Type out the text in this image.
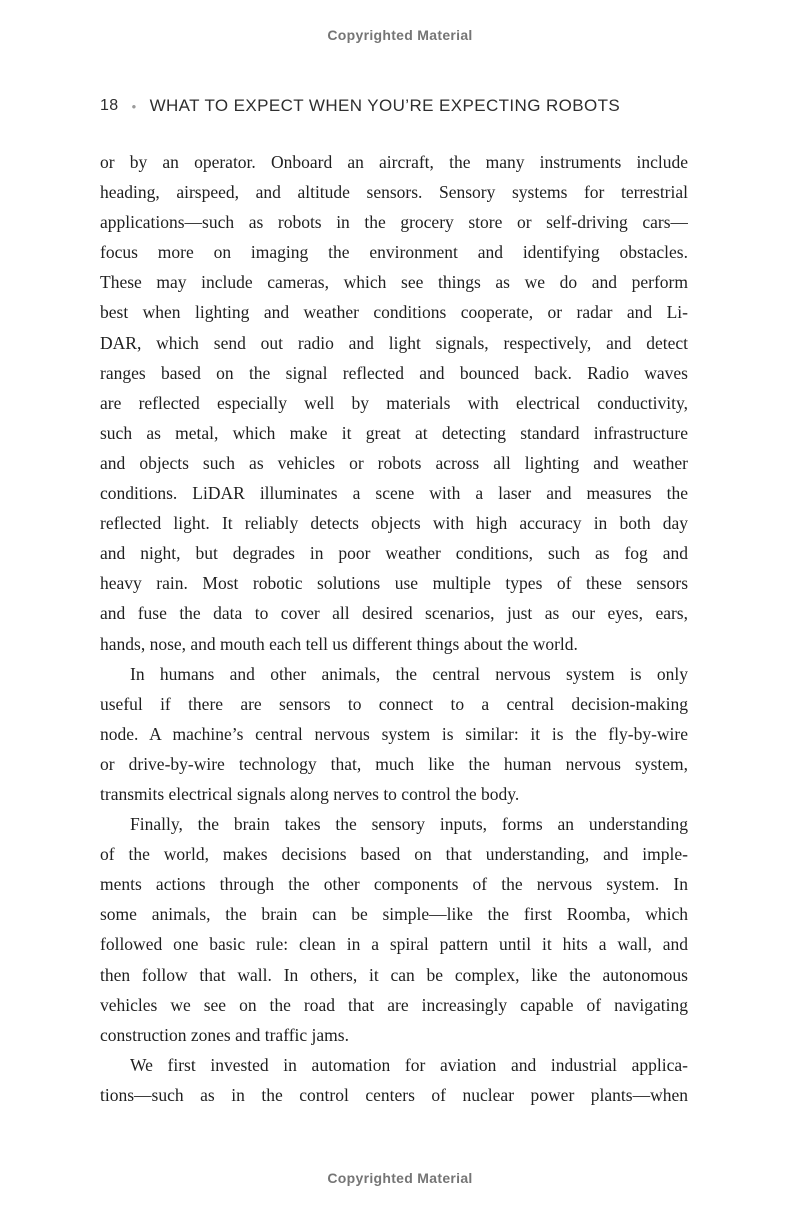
Copyrighted Material
18 • WHAT TO EXPECT WHEN YOU’RE EXPECTING ROBOTS
or by an operator. Onboard an aircraft, the many instruments include
heading, airspeed, and altitude sensors. Sensory systems for terrestrial
applications—such as robots in the grocery store or self-driving cars—
focus more on imaging the environment and identifying obstacles.
These may include cameras, which see things as we do and perform
best when lighting and weather conditions cooperate, or radar and Li-
DAR, which send out radio and light signals, respectively, and detect
ranges based on the signal reflected and bounced back. Radio waves
are reflected especially well by materials with electrical conductivity,
such as metal, which make it great at detecting standard infrastructure
and objects such as vehicles or robots across all lighting and weather
conditions. LiDAR illuminates a scene with a laser and measures the
reflected light. It reliably detects objects with high accuracy in both day
and night, but degrades in poor weather conditions, such as fog and
heavy rain. Most robotic solutions use multiple types of these sensors
and fuse the data to cover all desired scenarios, just as our eyes, ears,
hands, nose, and mouth each tell us different things about the world.
In humans and other animals, the central nervous system is only
useful if there are sensors to connect to a central decision-making
node. A machine’s central nervous system is similar: it is the fly-by-wire
or drive-by-wire technology that, much like the human nervous system,
transmits electrical signals along nerves to control the body.
Finally, the brain takes the sensory inputs, forms an understanding
of the world, makes decisions based on that understanding, and imple-
ments actions through the other components of the nervous system. In
some animals, the brain can be simple—like the first Roomba, which
followed one basic rule: clean in a spiral pattern until it hits a wall, and
then follow that wall. In others, it can be complex, like the autonomous
vehicles we see on the road that are increasingly capable of navigating
construction zones and traffic jams.
We first invested in automation for aviation and industrial applica-
tions—such as in the control centers of nuclear power plants—when
Copyrighted Material
